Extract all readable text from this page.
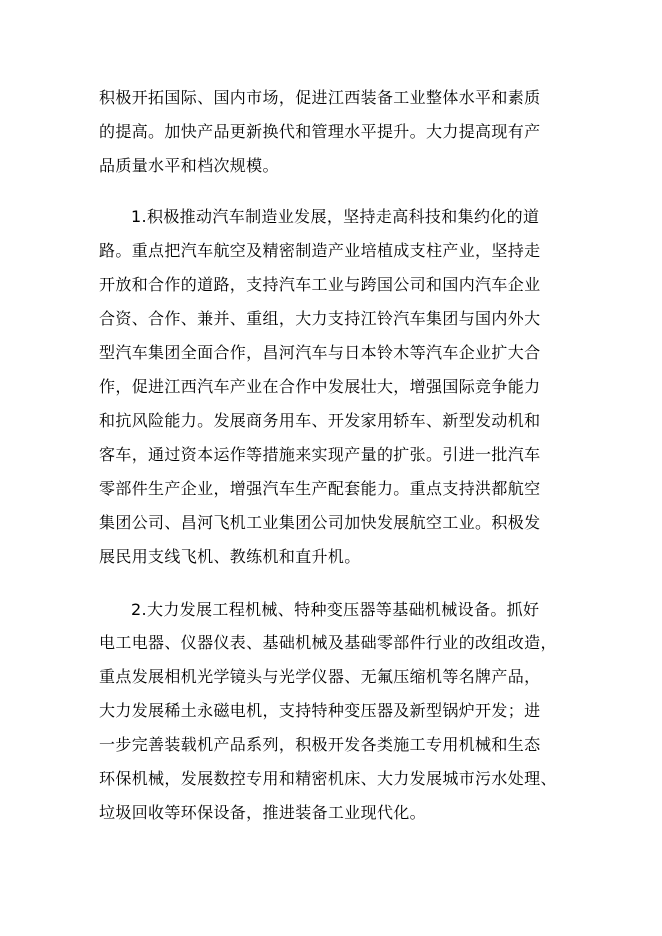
积极开拓国际、国内市场，促进江西装备工业整体水平和素质
的提高。加快产品更新换代和管理水平提升。大力提高现有产
品质量水平和档次规模。
1.积极推动汽车制造业发展，坚持走高科技和集约化的道
路。重点把汽车航空及精密制造产业培植成支柱产业，坚持走
开放和合作的道路，支持汽车工业与跨国公司和国内汽车企业
合资、合作、兼并、重组，大力支持江铃汽车集团与国内外大
型汽车集团全面合作，昌河汽车与日本铃木等汽车企业扩大合
作，促进江西汽车产业在合作中发展壮大，增强国际竞争能力
和抗风险能力。发展商务用车、开发家用轿车、新型发动机和
客车，通过资本运作等措施来实现产量的扩张。引进一批汽车
零部件生产企业，增强汽车生产配套能力。重点支持洪都航空
集团公司、昌河飞机工业集团公司加快发展航空工业。积极发
展民用支线飞机、教练机和直升机。
2.大力发展工程机械、特种变压器等基础机械设备。抓好
电工电器、仪器仪表、基础机械及基础零部件行业的改组改造，
重点发展相机光学镜头与光学仪器、无氟压缩机等名牌产品，
大力发展稀土永磁电机，支持特种变压器及新型锅炉开发；进
一步完善装载机产品系列，积极开发各类施工专用机械和生态
环保机械，发展数控专用和精密机床、大力发展城市污水处理、
垃圾回收等环保设备，推进装备工业现代化。
